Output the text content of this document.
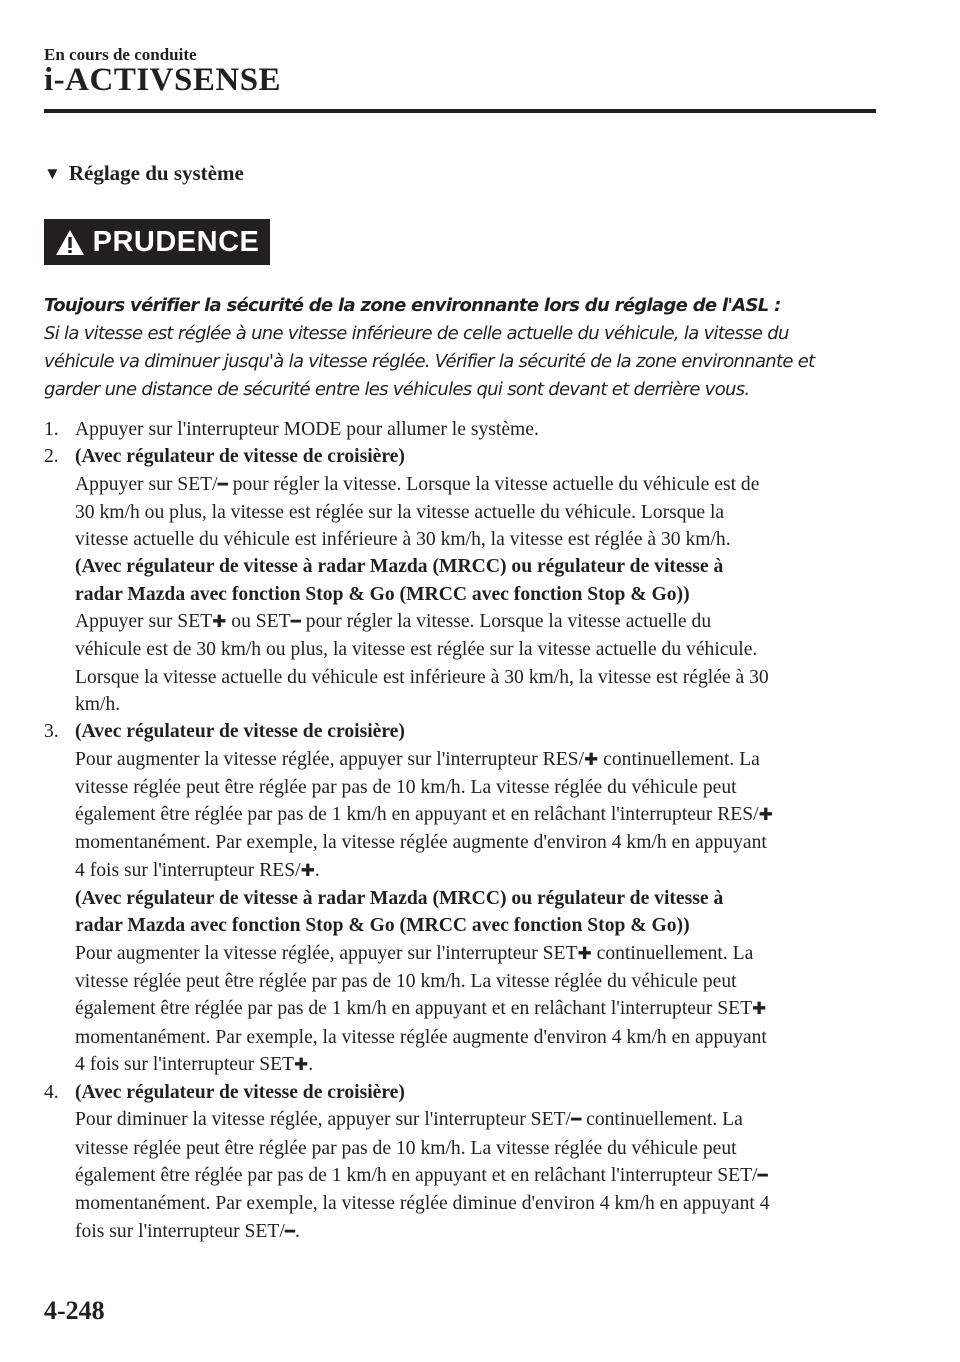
En cours de conduite
i-ACTIVSENSE
▼ Réglage du système
PRUDENCE
Toujours vérifier la sécurité de la zone environnante lors du réglage de l'ASL :
Si la vitesse est réglée à une vitesse inférieure de celle actuelle du véhicule, la vitesse du
véhicule va diminuer jusqu'à la vitesse réglée. Vérifier la sécurité de la zone environnante et
garder une distance de sécurité entre les véhicules qui sont devant et derrière vous.
1. Appuyer sur l'interrupteur MODE pour allumer le système.
2. (Avec régulateur de vitesse de croisière)
Appuyer sur SET/━ pour régler la vitesse. Lorsque la vitesse actuelle du véhicule est de
30 km/h ou plus, la vitesse est réglée sur la vitesse actuelle du véhicule. Lorsque la
vitesse actuelle du véhicule est inférieure à 30 km/h, la vitesse est réglée à 30 km/h.
(Avec régulateur de vitesse à radar Mazda (MRCC) ou régulateur de vitesse à
radar Mazda avec fonction Stop & Go (MRCC avec fonction Stop & Go))
Appuyer sur SET✚ ou SET━ pour régler la vitesse. Lorsque la vitesse actuelle du
véhicule est de 30 km/h ou plus, la vitesse est réglée sur la vitesse actuelle du véhicule.
Lorsque la vitesse actuelle du véhicule est inférieure à 30 km/h, la vitesse est réglée à 30
km/h.
3. (Avec régulateur de vitesse de croisière)
Pour augmenter la vitesse réglée, appuyer sur l'interrupteur RES/✚ continuellement. La
vitesse réglée peut être réglée par pas de 10 km/h. La vitesse réglée du véhicule peut
également être réglée par pas de 1 km/h en appuyant et en relâchant l'interrupteur RES/✚
momentanément. Par exemple, la vitesse réglée augmente d'environ 4 km/h en appuyant
4 fois sur l'interrupteur RES/✚.
(Avec régulateur de vitesse à radar Mazda (MRCC) ou régulateur de vitesse à
radar Mazda avec fonction Stop & Go (MRCC avec fonction Stop & Go))
Pour augmenter la vitesse réglée, appuyer sur l'interrupteur SET✚ continuellement. La
vitesse réglée peut être réglée par pas de 10 km/h. La vitesse réglée du véhicule peut
également être réglée par pas de 1 km/h en appuyant et en relâchant l'interrupteur SET✚
momentanément. Par exemple, la vitesse réglée augmente d'environ 4 km/h en appuyant
4 fois sur l'interrupteur SET✚.
4. (Avec régulateur de vitesse de croisière)
Pour diminuer la vitesse réglée, appuyer sur l'interrupteur SET/━ continuellement. La
vitesse réglée peut être réglée par pas de 10 km/h. La vitesse réglée du véhicule peut
également être réglée par pas de 1 km/h en appuyant et en relâchant l'interrupteur SET/━
momentanément. Par exemple, la vitesse réglée diminue d'environ 4 km/h en appuyant 4
fois sur l'interrupteur SET/━.
4-248
